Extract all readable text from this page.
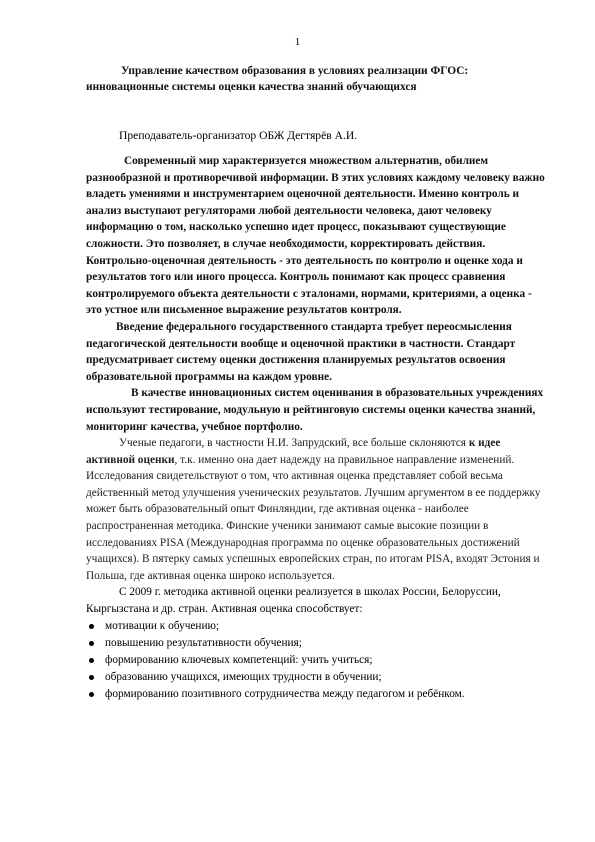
1
Управление качеством образования в условиях реализации ФГОС:
инновационные системы оценки качества знаний обучающихся
Преподаватель-организатор ОБЖ Дегтярёв А.И.

Современный мир характеризуется множеством альтернатив, обилием разнообразной и противоречивой информации. В этих условиях каждому человеку важно владеть умениями и инструментарием оценочной деятельности. Именно контроль и анализ выступают регуляторами любой деятельности человека, дают человеку информацию о том, насколько успешно идет процесс, показывают существующие сложности. Это позволяет, в случае необходимости, корректировать действия. Контрольно-оценочная деятельность - это деятельность по контролю и оценке хода и результатов того или иного процесса. Контроль понимают как процесс сравнения контролируемого объекта деятельности с эталонами, нормами, критериями, а оценка - это устное или письменное выражение результатов контроля.

Введение федерального государственного стандарта требует переосмысления педагогической деятельности вообще и оценочной практики в частности. Стандарт предусматривает систему оценки достижения планируемых результатов освоения образовательной программы на каждом уровне.

В качестве инновационных систем оценивания в образовательных учреждениях используют тестирование, модульную и рейтинговую системы оценки качества знаний, мониторинг качества, учебное портфолио.

Ученые педагоги, в частности Н.И. Запрудский, все больше склоняются к идее активной оценки, т.к. именно она дает надежду на правильное направление изменений. Исследования свидетельствуют о том, что активная оценка представляет собой весьма действенный метод улучшения ученических результатов. Лучшим аргументом в ее поддержку может быть образовательный опыт Финляндии, где активная оценка - наиболее распространенная методика. Финские ученики занимают самые высокие позиции в исследованиях PISA (Международная программа по оценке образовательных достижений учащихся). В пятерку самых успешных европейских стран, по итогам PISA, входят Эстония и Польша, где активная оценка широко используется.

С 2009 г. методика активной оценки реализуется в школах России, Белоруссии, Кыргызстана и др. стран. Активная оценка способствует:

мотивации к обучению;
повышению результативности обучения;
формированию ключевых компетенций: учить учиться;
образованию учащихся, имеющих трудности в обучении;
формированию позитивного сотрудничества между педагогом и ребёнком.
